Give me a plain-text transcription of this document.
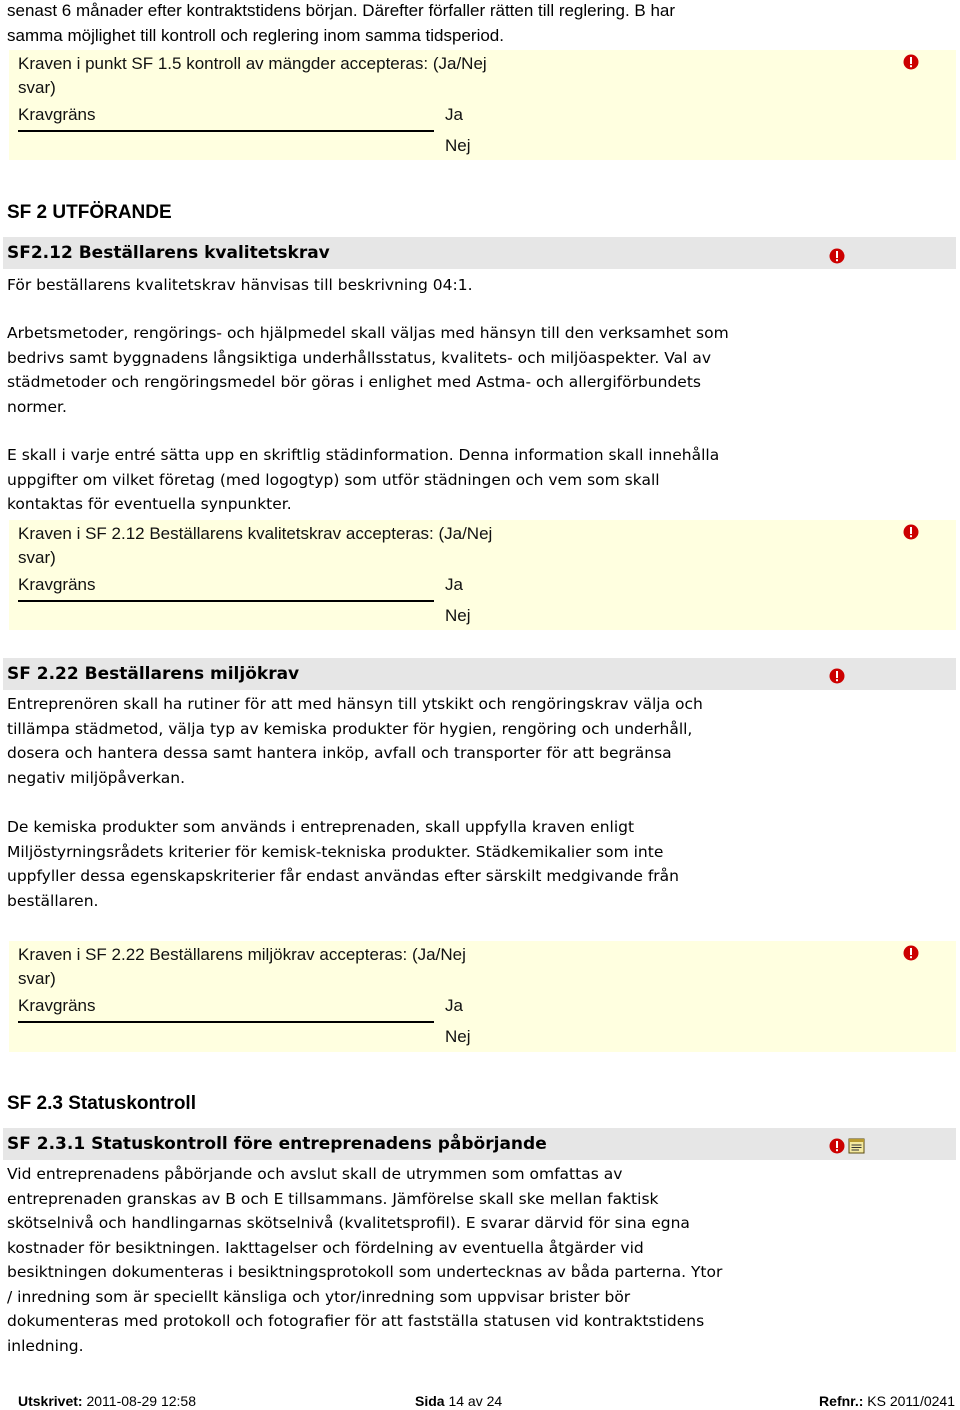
senast 6 månader efter kontraktstidens början. Därefter förfaller rätten till reglering. B har
samma möjlighet till kontroll och reglering inom samma tidsperiod.
Kraven i punkt SF 1.5 kontroll av mängder accepteras: (Ja/Nej
svar)
Kravgräns	Ja
Nej
SF 2 UTFÖRANDE
SF2.12 Beställarens kvalitetskrav

För beställarens kvalitetskrav hänvisas till beskrivning 04:1.

Arbetsmetoder, rengörings- och hjälpmedel skall väljas med hänsyn till den verksamhet som
bedrivs samt byggnadens långsiktiga underhållsstatus, kvalitets- och miljöaspekter. Val av
städmetoder och rengöringsmedel bör göras i enlighet med Astma- och allergiförbundets
normer.
E skall i varje entré sätta upp en skriftlig städinformation. Denna information skall innehålla
uppgifter om vilket företag (med logogtyp) som utför städningen och vem som skall
kontaktas för eventuella synpunkter.
Kraven i SF 2.12 Beställarens kvalitetskrav accepteras: (Ja/Nej
svar)
Kravgräns	Ja
Nej
SF 2.22 Beställarens miljökrav
Entreprenören skall ha rutiner för att med hänsyn till ytskikt och rengöringskrav välja och
tillämpa städmetod, välja typ av kemiska produkter för hygien, rengöring och underhåll,
dosera och hantera dessa samt hantera inköp, avfall och transporter för att begränsa
negativ miljöpåverkan.
De kemiska produkter som används i entreprenaden, skall uppfylla kraven enligt
Miljöstyrningsrådets kriterier för kemisk-tekniska produkter. Städkemikalier som inte
uppfyller dessa egenskapskriterier får endast användas efter särskilt medgivande från
beställaren.
Kraven i SF 2.22 Beställarens miljökrav accepteras: (Ja/Nej
svar)
Kravgräns	Ja
Nej
SF 2.3 Statuskontroll
SF 2.3.1 Statuskontroll före entreprenadens påbörjande
Vid entreprenadens påbörjande och avslut skall de utrymmen som omfattas av
entreprenaden granskas av B och E tillsammans. Jämförelse skall ske mellan faktisk
skötselnivå och handlingarnas skötselnivå (kvalitetsprofil). E svarar därvid för sina egna
kostnader för besiktningen. Iakttagelser och fördelning av eventuella åtgärder vid
besiktningen dokumenteras i besiktningsprotokoll som undertecknas av båda parterna. Ytor
/ inredning som är speciellt känsliga och ytor/inredning som uppvisar brister bör
dokumenteras med protokoll och fotografier för att fastställa statusen vid kontraktstidens
inledning.
Utskrivet: 2011-08-29 12:58	Sida 14 av 24	Refnr.: KS 2011/0241
